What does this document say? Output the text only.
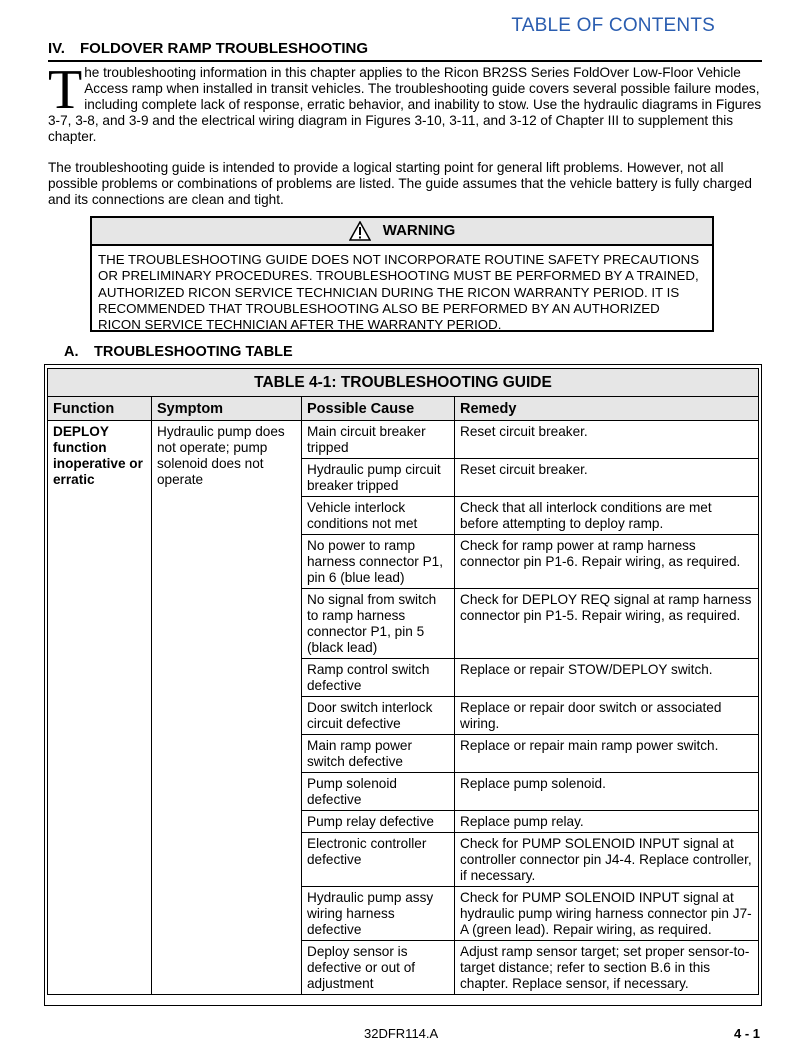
TABLE OF CONTENTS
IV. FOLDOVER RAMP TROUBLESHOOTING

The troubleshooting information in this chapter applies to the Ricon BR2SS Series FoldOver Low-Floor Vehicle Access ramp when installed in transit vehicles. The troubleshooting guide covers several possible failure modes, including complete lack of response, erratic behavior, and inability to stow. Use the hydraulic diagrams in Figures 3-7, 3-8, and 3-9 and the electrical wiring diagram in Figures 3-10, 3-11, and 3-12 of Chapter III to supplement this chapter.

The troubleshooting guide is intended to provide a logical starting point for general lift problems. However, not all possible problems or combinations of problems are listed. The guide assumes that the vehicle battery is fully charged and its connections are clean and tight.

WARNING
THE TROUBLESHOOTING GUIDE DOES NOT INCORPORATE ROUTINE SAFETY PRECAUTIONS OR PRELIMINARY PROCEDURES. TROUBLESHOOTING MUST BE PERFORMED BY A TRAINED, AUTHORIZED RICON SERVICE TECHNICIAN DURING THE RICON WARRANTY PERIOD. IT IS RECOMMENDED THAT TROUBLESHOOTING ALSO BE PERFORMED BY AN AUTHORIZED RICON SERVICE TECHNICIAN AFTER THE WARRANTY PERIOD.
A. TROUBLESHOOTING TABLE
TABLE 4-1: TROUBLESHOOTING GUIDE			
Function	Symptom	Possible Cause	Remedy
DEPLOY function inoperative or erratic	Hydraulic pump does not operate; pump solenoid does not operate	Main circuit breaker tripped	Reset circuit breaker.
		Hydraulic pump circuit breaker tripped	Reset circuit breaker.
		Vehicle interlock conditions not met	Check that all interlock conditions are met before attempting to deploy ramp.
		No power to ramp harness connector P1, pin 6 (blue lead)	Check for ramp power at ramp harness connector pin P1-6. Repair wiring, as required.
		No signal from switch to ramp harness connector P1, pin 5 (black lead)	Check for DEPLOY REQ signal at ramp harness connector pin P1-5. Repair wiring, as required.
		Ramp control switch defective	Replace or repair STOW/DEPLOY switch.
		Door switch interlock circuit defective	Replace or repair door switch or associated wiring.
		Main ramp power switch defective	Replace or repair main ramp power switch.
		Pump solenoid defective	Replace pump solenoid.
		Pump relay defective	Replace pump relay.
		Electronic controller defective	Check for PUMP SOLENOID INPUT signal at controller connector pin J4-4. Replace controller, if necessary.
		Hydraulic pump assy wiring harness defective	Check for PUMP SOLENOID INPUT signal at hydraulic pump wiring harness connector pin J7-A (green lead). Repair wiring, as required.
		Deploy sensor is defective or out of adjustment	Adjust ramp sensor target; set proper sensor-to-target distance; refer to section B.6 in this chapter. Replace sensor, if necessary.
32DFR114.A	4 - 1
